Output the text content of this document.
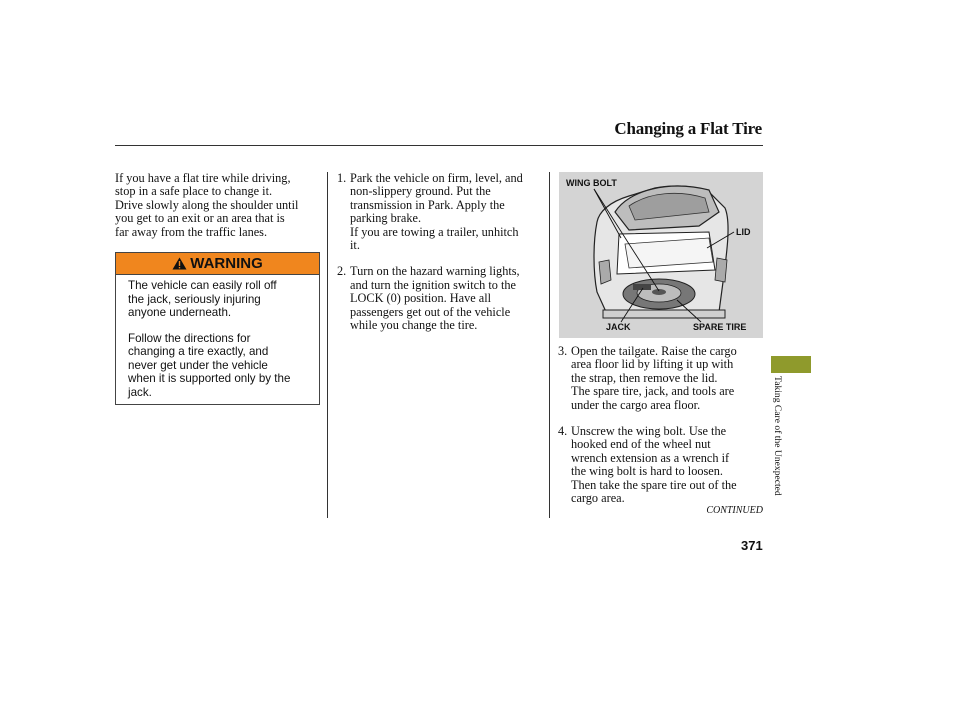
Changing a Flat Tire
If you have a flat tire while driving,
stop in a safe place to change it.
Drive slowly along the shoulder until
you get to an exit or an area that is
far away from the traffic lanes.
WARNING

The vehicle can easily roll off
the jack, seriously injuring
anyone underneath.

Follow the directions for
changing a tire exactly, and
never get under the vehicle
when it is supported only by the
jack.

1. Park the vehicle on firm, level, and
non-slippery ground. Put the
transmission in Park. Apply the
parking brake.
If you are towing a trailer, unhitch
it.
2. Turn on the hazard warning lights,
and turn the ignition switch to the
LOCK (0) position. Have all
passengers get out of the vehicle
while you change the tire.
WING BOLT
LID
JACK	SPARE TIRE
3. Open the tailgate. Raise the cargo
area floor lid by lifting it up with
the strap, then remove the lid.
The spare tire, jack, and tools are
under the cargo area floor.
4. Unscrew the wing bolt. Use the
hooked end of the wheel nut
wrench extension as a wrench if
the wing bolt is hard to loosen.
Then take the spare tire out of the
cargo area.
CONTINUED
371
Taking Care of the Unexpected
